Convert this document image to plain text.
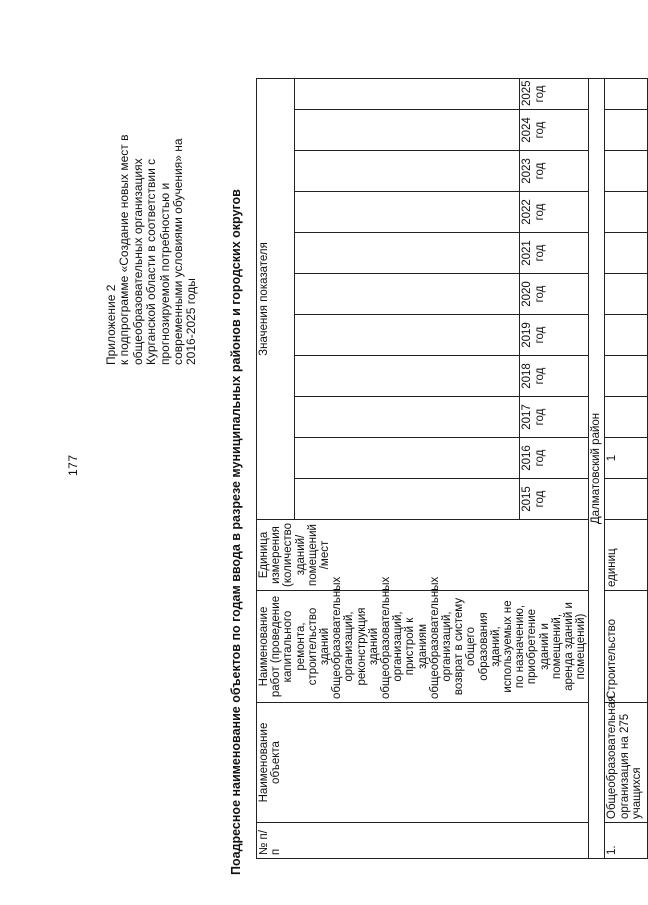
177
Приложение 2 к подпрограмме «Создание новых мест в общеобразовательных организациях Курганской области в соответствии с прогнозируемой потребностью и современными условиями обучения» на 2016-2025 годы Поадресное наименование объектов по годам ввода в разрезе муниципальных районов и городских округов № п/п	Наименование объекта	Наименование работ (проведение капитального ремонта, строительство зданий общеобразовательных организаций, реконструкция зданий общеобразовательных организаций, пристрой к зданиям общеобразовательных организаций, возврат в систему общего образования зданий, используемых не по назначению, приобретение зданий и помещений, аренда зданий и помещений)	Единица измерения (количество зданий/ помещений /мест	Значения показателя										

				2015 год	2016 год	2017 год	2018 год	2019 год	2020 год	2021 год	2022 год	2023 год	2024 год	2025 год
Далматовский район														
1.	Общеобразовательная организация на 275 учащихся	Строительство	единиц		1									
